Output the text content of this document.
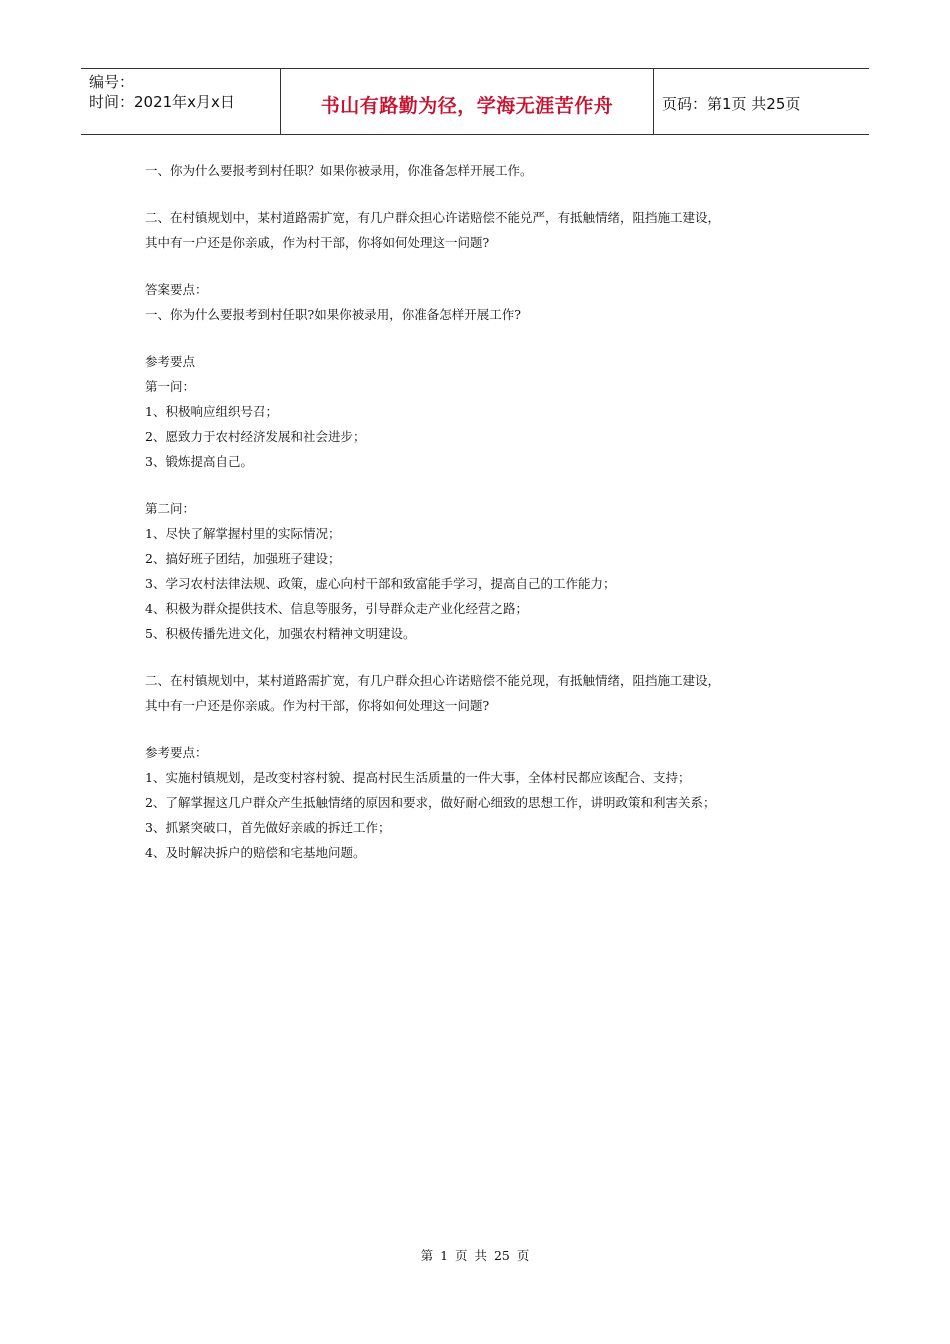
编号：
时间：2021年x月x日	书山有路勤为径，学海无涯苦作舟	页码：第1页 共25页

一、你为什么要报考到村任职？如果你被录用，你准备怎样开展工作。

二、在村镇规划中，某村道路需扩宽，有几户群众担心许诺赔偿不能兑严，有抵触情绪，阻挡施工建设，

其中有一户还是你亲戚，作为村干部，你将如何处理这一问题?

答案要点：

一、你为什么要报考到村任职?如果你被录用，你准备怎样开展工作?

参考要点

第一问：

1、积极响应组织号召；

2、愿致力于农村经济发展和社会进步；

3、锻炼提高自己。

第二问：

1、尽快了解掌握村里的实际情况；

2、搞好班子团结，加强班子建设；

3、学习农村法律法规、政策，虚心向村干部和致富能手学习，提高自己的工作能力；

4、积极为群众提供技术、信息等服务，引导群众走产业化经营之路；

5、积极传播先进文化，加强农村精神文明建设。

二、在村镇规划中，某村道路需扩宽，有几户群众担心许诺赔偿不能兑现，有抵触情绪，阻挡施工建设，

其中有一户还是你亲戚。作为村干部，你将如何处理这一问题?

参考要点：

1、实施村镇规划，是改变村容村貌、提高村民生活质量的一件大事，全体村民都应该配合、支持；

2、了解掌握这几户群众产生抵触情绪的原因和要求，做好耐心细致的思想工作，讲明政策和利害关系；

3、抓紧突破口，首先做好亲戚的拆迁工作；

4、及时解决拆户的赔偿和宅基地问题。

第 1 页 共 25 页
